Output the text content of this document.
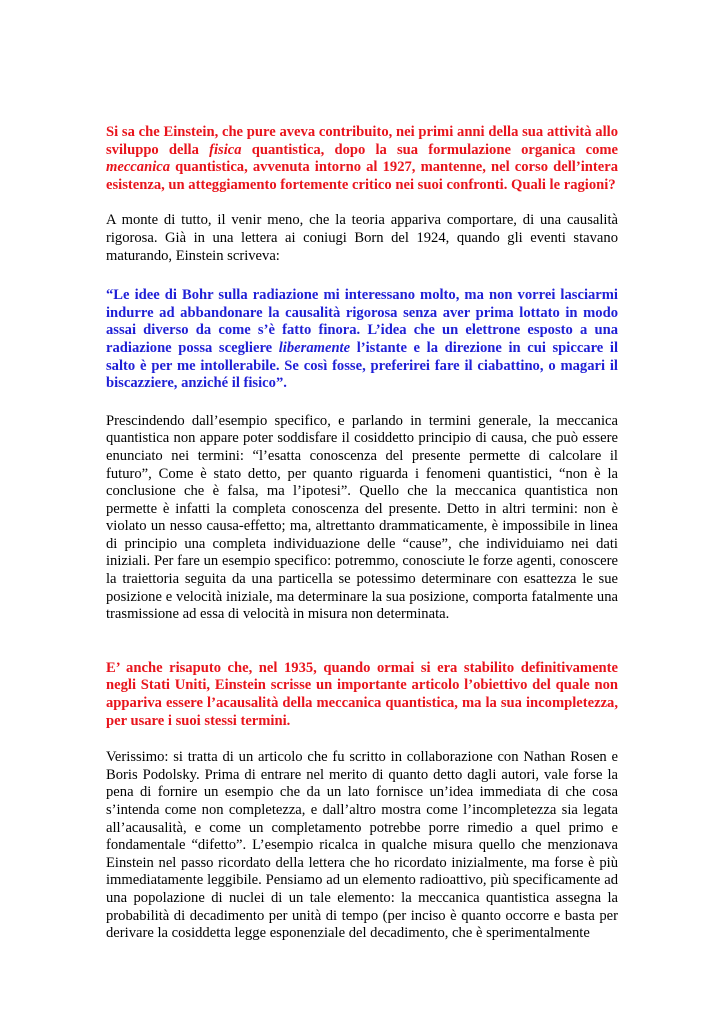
Si sa che Einstein, che pure aveva contribuito, nei primi anni della sua attività allo sviluppo della fisica quantistica, dopo la sua formulazione organica come meccanica quantistica, avvenuta intorno al 1927, mantenne, nel corso dell’intera esistenza, un atteggiamento fortemente critico nei suoi confronti. Quali le ragioni?

A monte di tutto, il venir meno, che la teoria appariva comportare, di una causalità rigorosa. Già in una lettera ai coniugi Born del 1924, quando gli eventi stavano maturando, Einstein scriveva:

“Le idee di Bohr sulla radiazione mi interessano molto, ma non vorrei lasciarmi indurre ad abbandonare la causalità rigorosa senza aver prima lottato in modo assai diverso da come s’è fatto finora. L’idea che un elettrone esposto a una radiazione possa scegliere liberamente l’istante e la direzione in cui spiccare il salto è per me intollerabile. Se così fosse, preferirei fare il ciabattino, o magari il biscazziere, anziché il fisico”.

Prescindendo dall’esempio specifico, e parlando in termini generale, la meccanica quantistica non appare poter soddisfare il cosiddetto principio di causa, che può essere enunciato nei termini: “l’esatta conoscenza del presente permette di calcolare il futuro”, Come è stato detto, per quanto riguarda i fenomeni quantistici, “non è la conclusione che è falsa, ma l’ipotesi”. Quello che la meccanica quantistica non permette è infatti la completa conoscenza del presente. Detto in altri termini: non è violato un nesso causa-effetto; ma, altrettanto drammaticamente, è impossibile in linea di principio una completa individuazione delle “cause”, che individuiamo nei dati iniziali. Per fare un esempio specifico: potremmo, conosciute le forze agenti, conoscere la traiettoria seguita da una particella se potessimo determinare con esattezza le sue posizione e velocità iniziale, ma determinare la sua posizione, comporta fatalmente una trasmissione ad essa di velocità in misura non determinata.

E’ anche risaputo che, nel 1935, quando ormai si era stabilito definitivamente negli Stati Uniti, Einstein scrisse un importante articolo l’obiettivo del quale non appariva essere l’acausalità della meccanica quantistica, ma la sua incompletezza, per usare i suoi stessi termini.

Verissimo: si tratta di un articolo che fu scritto in collaborazione con Nathan Rosen e Boris Podolsky. Prima di entrare nel merito di quanto detto dagli autori, vale forse la pena di fornire un esempio che da un lato fornisce un’idea immediata di che cosa s’intenda come non completezza, e dall’altro mostra come l’incompletezza sia legata all’acausalità, e come un completamento potrebbe porre rimedio a quel primo e fondamentale “difetto”. L’esempio ricalca in qualche misura quello che menzionava Einstein nel passo ricordato della lettera che ho ricordato inizialmente, ma forse è più immediatamente leggibile. Pensiamo ad un elemento radioattivo, più specificamente ad una popolazione di nuclei di un tale elemento: la meccanica quantistica assegna la probabilità di decadimento per unità di tempo (per inciso è quanto occorre e basta per derivare la cosiddetta legge esponenziale del decadimento, che è sperimentalmente
